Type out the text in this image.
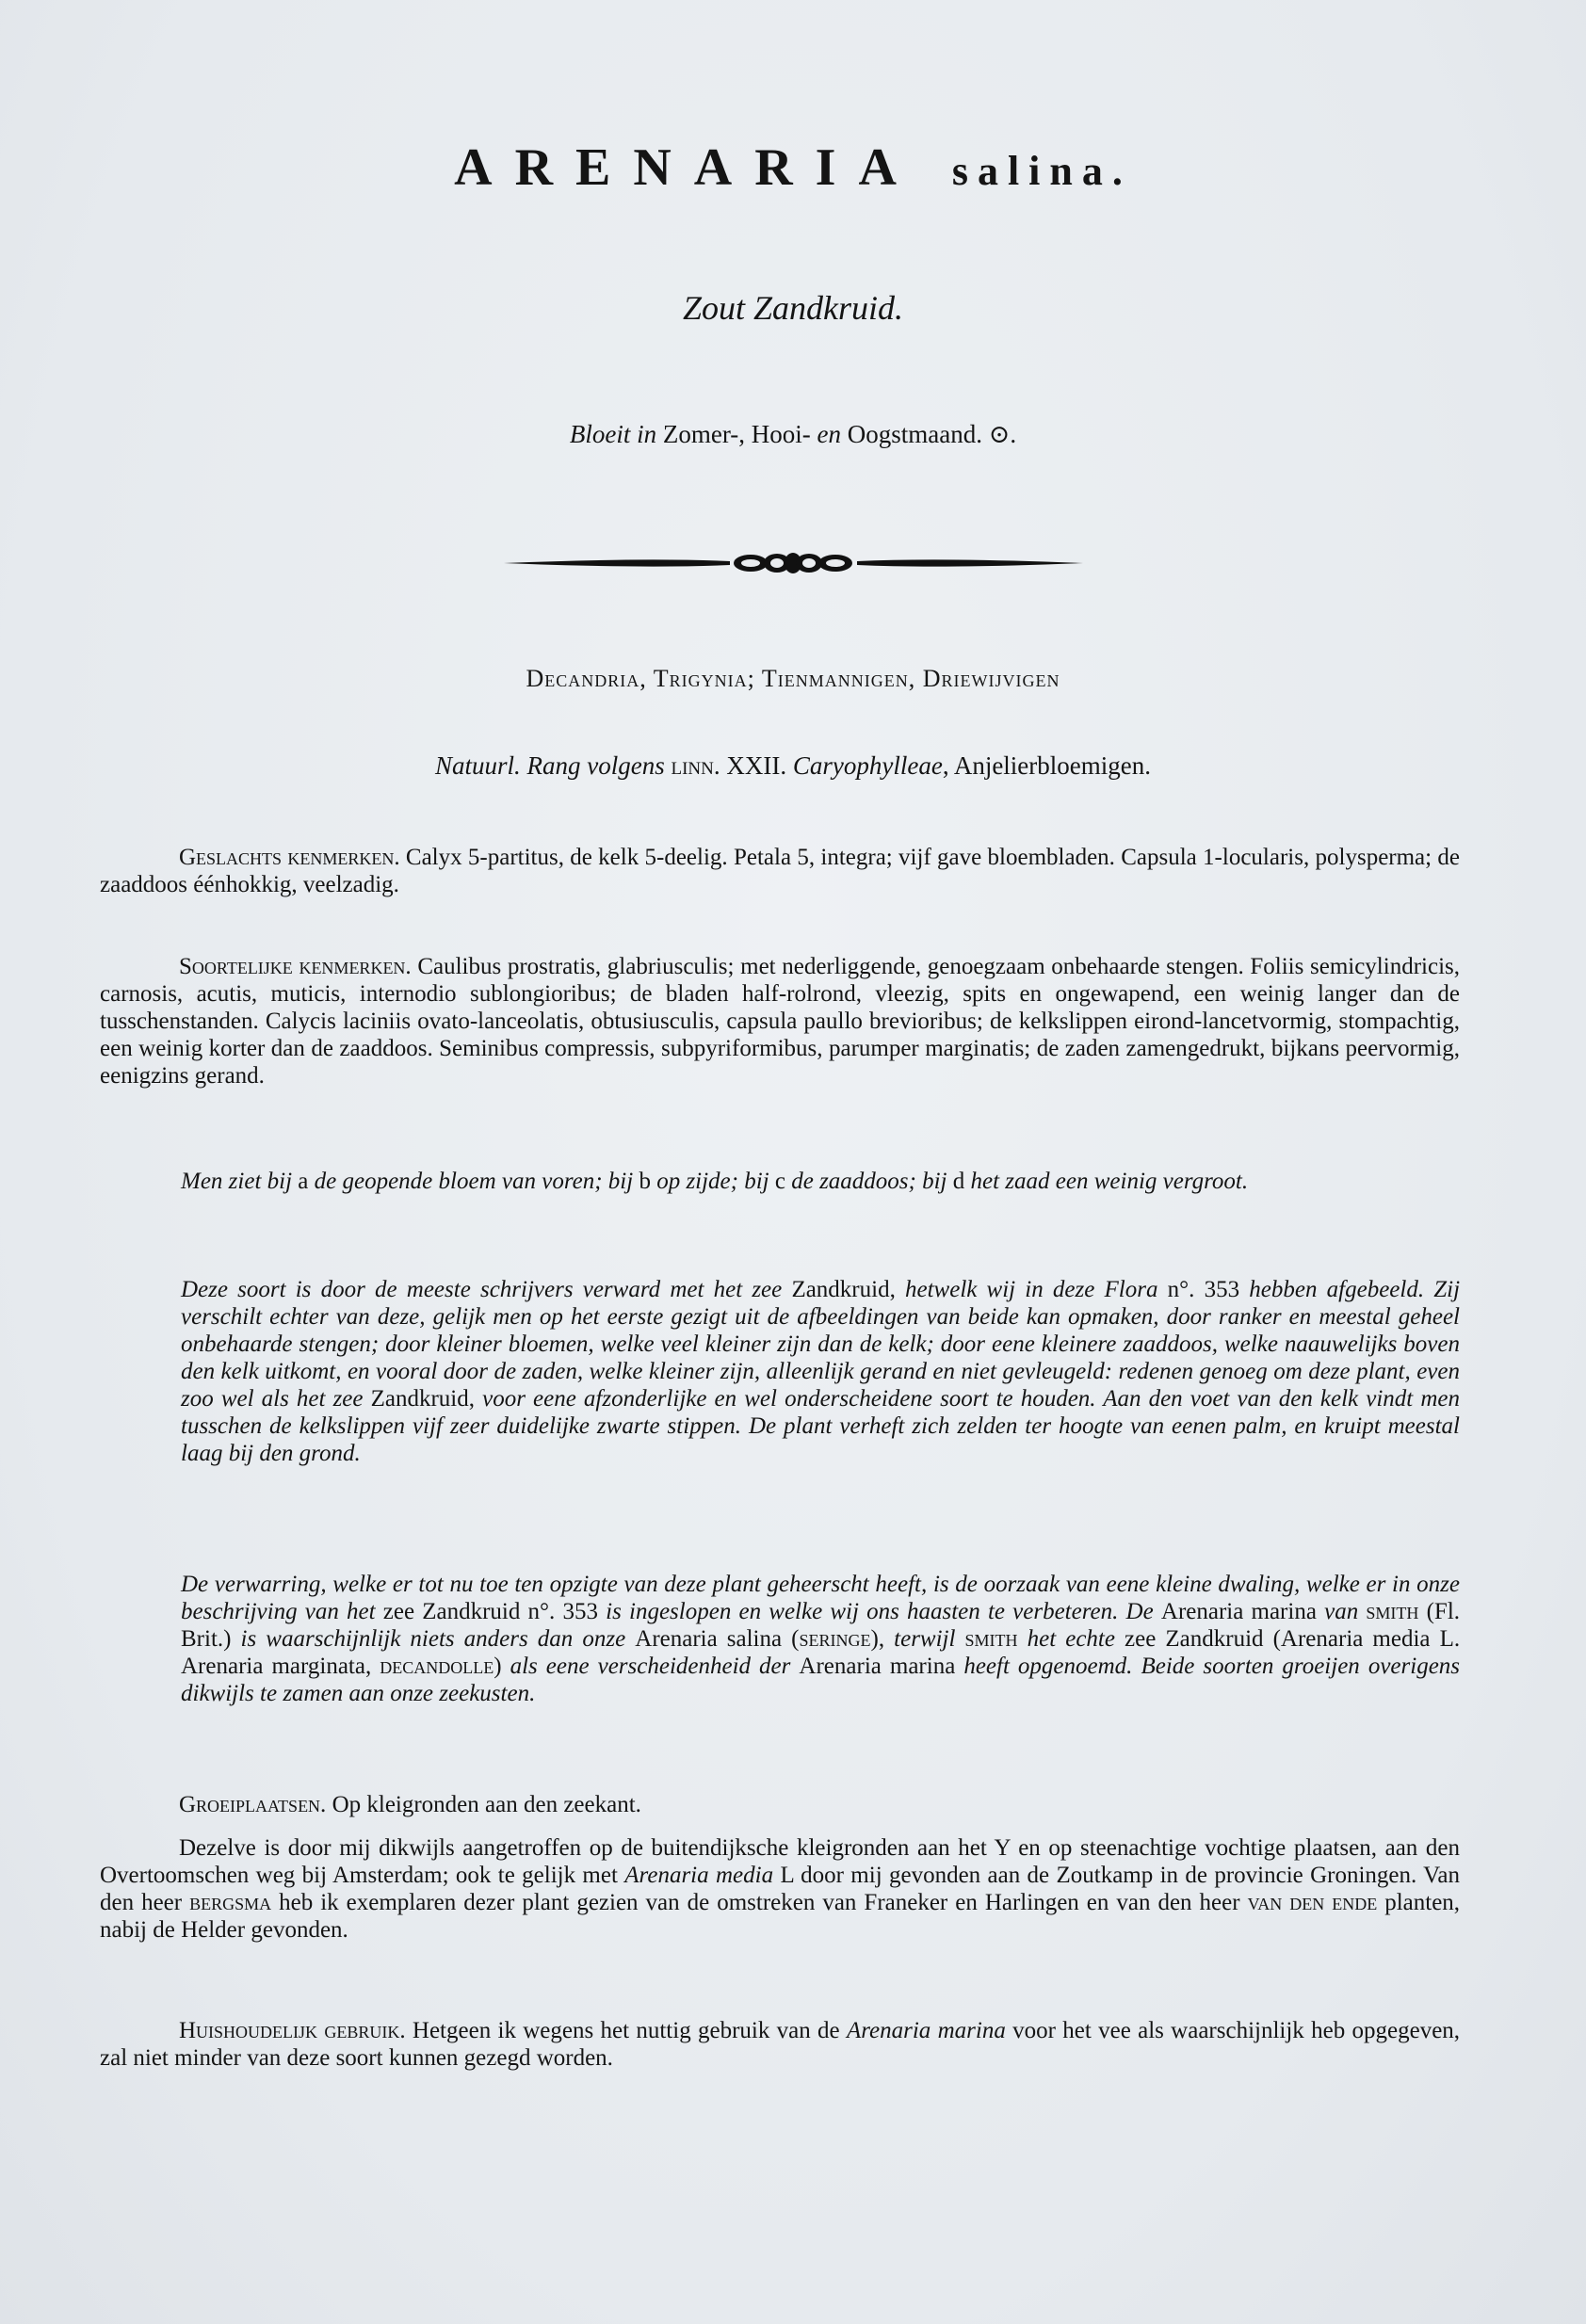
ARENARIA salina.
Zout Zandkruid.
Bloeit in Zomer-, Hooi- en Oogstmaand. ⊙.
Decandria, Trigynia; Tienmannigen, Driewijvigen
Natuurl. Rang volgens linn. XXII. Caryophylleae, Anjelierbloemigen.
Geslachts kenmerken. Calyx 5-partitus, de kelk 5-deelig. Petala 5, integra; vijf gave bloembladen. Capsula 1-locularis, polysperma; de zaaddoos éénhokkig, veelzadig.
Soortelijke kenmerken. Caulibus prostratis, glabriusculis; met nederliggende, genoegzaam onbehaarde stengen. Foliis semicylindricis, carnosis, acutis, muticis, internodio sublongioribus; de bladen half-rolrond, vleezig, spits en ongewapend, een weinig langer dan de tusschenstanden. Calycis laciniis ovato-lanceolatis, obtusiusculis, capsula paullo brevioribus; de kelkslippen eirond-lancetvormig, stompachtig, een weinig korter dan de zaaddoos. Seminibus compressis, subpyriformibus, parumper marginatis; de zaden zamengedrukt, bijkans peervormig, eenigzins gerand.
Men ziet bij a de geopende bloem van voren; bij b op zijde; bij c de zaaddoos; bij d het zaad een weinig vergroot.
Deze soort is door de meeste schrijvers verward met het zee Zandkruid, hetwelk wij in deze Flora n°. 353 hebben afgebeeld. Zij verschilt echter van deze, gelijk men op het eerste gezigt uit de afbeeldingen van beide kan opmaken, door ranker en meestal geheel onbehaarde stengen; door kleiner bloemen, welke veel kleiner zijn dan de kelk; door eene kleinere zaaddoos, welke naauwelijks boven den kelk uitkomt, en vooral door de zaden, welke kleiner zijn, alleenlijk gerand en niet gevleugeld: redenen genoeg om deze plant, even zoo wel als het zee Zandkruid, voor eene afzonderlijke en wel onderscheidene soort te houden. Aan den voet van den kelk vindt men tusschen de kelkslippen vijf zeer duidelijke zwarte stippen. De plant verheft zich zelden ter hoogte van eenen palm, en kruipt meestal laag bij den grond.
De verwarring, welke er tot nu toe ten opzigte van deze plant geheerscht heeft, is de oorzaak van eene kleine dwaling, welke er in onze beschrijving van het zee Zandkruid n°. 353 is ingeslopen en welke wij ons haasten te verbeteren. De Arenaria marina van smith (Fl. Brit.) is waarschijnlijk niets anders dan onze Arenaria salina (seringe), terwijl smith het echte zee Zandkruid (Arenaria media L. Arenaria marginata, decandolle) als eene verscheidenheid der Arenaria marina heeft opgenoemd. Beide soorten groeijen overigens dikwijls te zamen aan onze zeekusten.
Groeiplaatsen. Op kleigronden aan den zeekant.
Dezelve is door mij dikwijls aangetroffen op de buitendijksche kleigronden aan het Y en op steenachtige vochtige plaatsen, aan den Overtoomschen weg bij Amsterdam; ook te gelijk met Arenaria media L door mij gevonden aan de Zoutkamp in de provincie Groningen. Van den heer bergsma heb ik exemplaren dezer plant gezien van de omstreken van Franeker en Harlingen en van den heer van den ende planten, nabij de Helder gevonden.
Huishoudelijk gebruik. Hetgeen ik wegens het nuttig gebruik van de Arenaria marina voor het vee als waarschijnlijk heb opgegeven, zal niet minder van deze soort kunnen gezegd worden.
